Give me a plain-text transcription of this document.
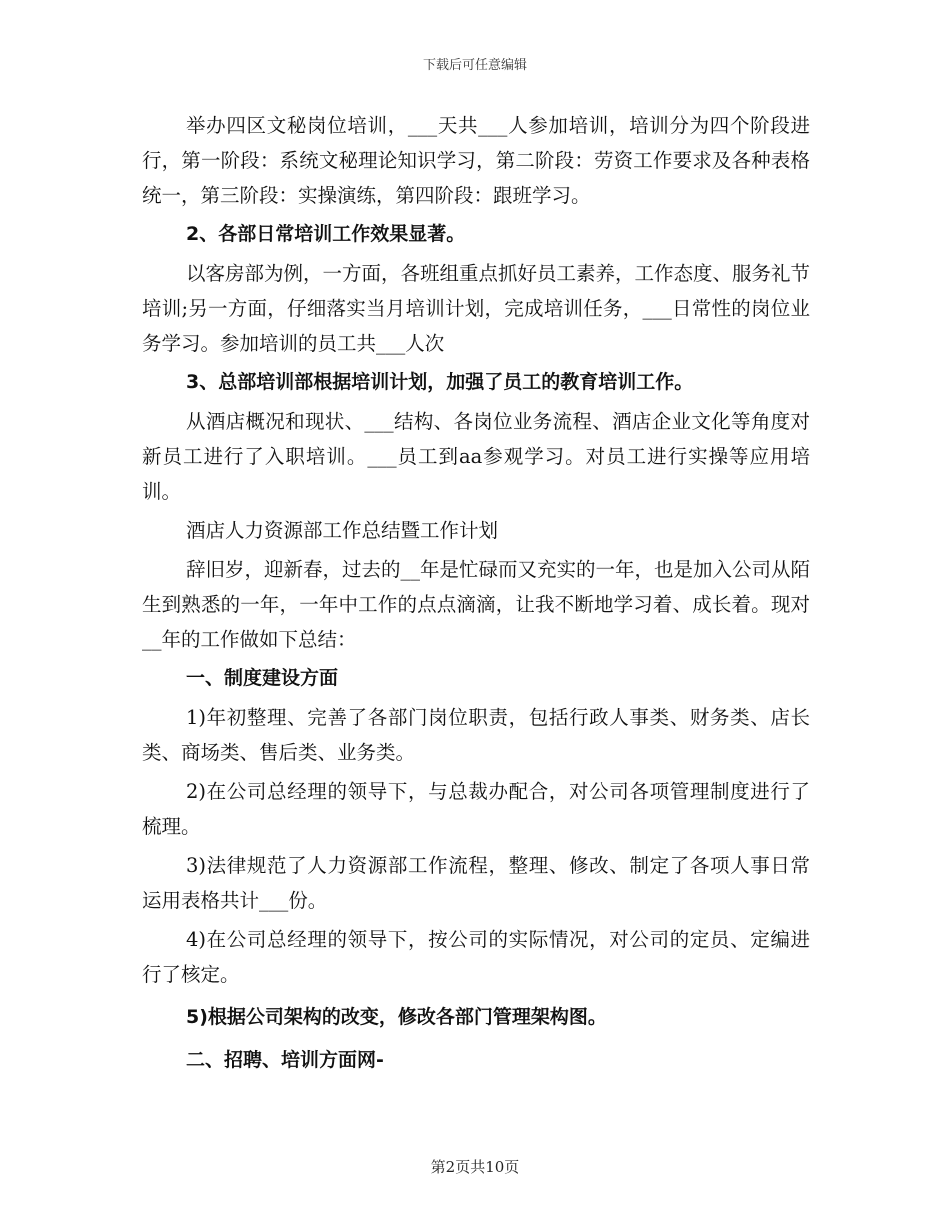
下载后可任意编辑

举办四区文秘岗位培训，___天共___人参加培训，培训分为四个阶段进行，第一阶段：系统文秘理论知识学习，第二阶段：劳资工作要求及各种表格统一，第三阶段：实操演练，第四阶段：跟班学习。

2、各部日常培训工作效果显著。

以客房部为例，一方面，各班组重点抓好员工素养，工作态度、服务礼节培训;另一方面，仔细落实当月培训计划，完成培训任务，___日常性的岗位业务学习。参加培训的员工共___人次

3、总部培训部根据培训计划，加强了员工的教育培训工作。

从酒店概况和现状、___结构、各岗位业务流程、酒店企业文化等角度对新员工进行了入职培训。___员工到aa参观学习。对员工进行实操等应用培训。

酒店人力资源部工作总结暨工作计划

辞旧岁，迎新春，过去的__年是忙碌而又充实的一年，也是加入公司从陌生到熟悉的一年，一年中工作的点点滴滴，让我不断地学习着、成长着。现对__年的工作做如下总结：

一、制度建设方面

1)年初整理、完善了各部门岗位职责，包括行政人事类、财务类、店长类、商场类、售后类、业务类。

2)在公司总经理的领导下，与总裁办配合，对公司各项管理制度进行了梳理。

3)法律规范了人力资源部工作流程，整理、修改、制定了各项人事日常运用表格共计___份。

4)在公司总经理的领导下，按公司的实际情况，对公司的定员、定编进行了核定。

5)根据公司架构的改变，修改各部门管理架构图。

二、招聘、培训方面网-

第2页共10页
